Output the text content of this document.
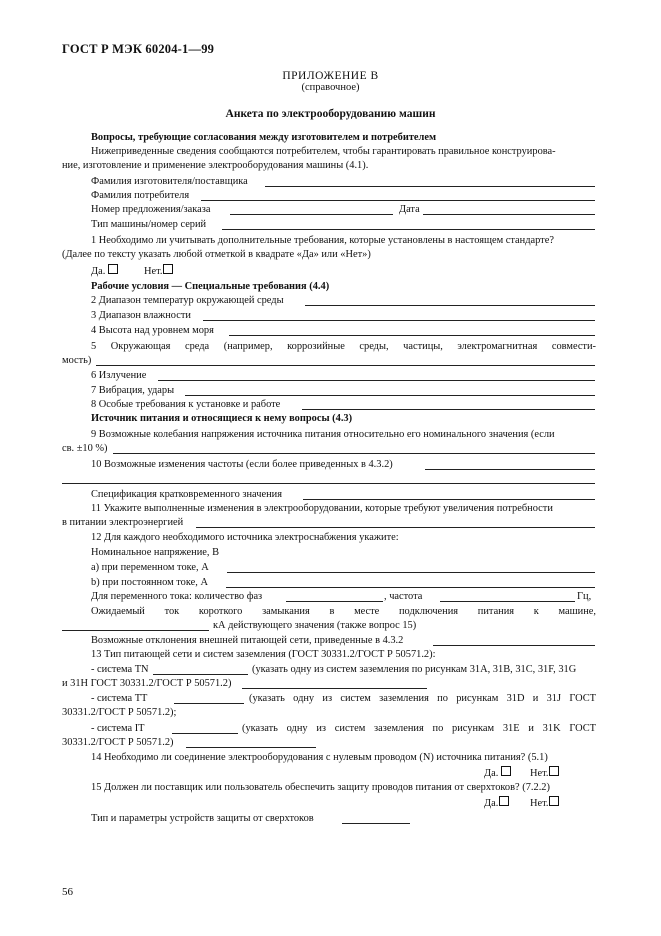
ГОСТ Р МЭК 60204-1—99
ПРИЛОЖЕНИЕ В
(справочное)
Анкета по электрооборудованию машин
Вопросы, требующие согласования между изготовителем и потребителем
Нижеприведенные сведения сообщаются потребителем, чтобы гарантировать правильное конструирова-
ние, изготовление и применение электрооборудования машины (4.1).
Фамилия изготовителя/поставщика
Фамилия потребителя
Номер предложения/заказа	Дата
Тип машины/номер серий
1 Необходимо ли учитывать дополнительные требования, которые установлены в настоящем стандарте?
(Далее по тексту указать любой отметкой в квадрате «Да» или «Нет»)
Да.	Нет.
Рабочие условия — Специальные требования (4.4)
2 Диапазон температур окружающей среды
3 Диапазон влажности
4 Высота над уровнем моря
5 Окружающая среда (например, коррозийные среды, частицы, электромагнитная совмести-
мость)
6 Излучение
7 Вибрация, удары
8 Особые требования к установке и работе
Источник питания и относящиеся к нему вопросы (4.3)
9 Возможные колебания напряжения источника питания относительно его номинального значения (если
св. ±10 %)
10 Возможные изменения частоты (если более приведенных в 4.3.2)
Спецификация кратковременного значения
11 Укажите выполненные изменения в электрооборудовании, которые требуют увеличения потребности
в питании электроэнергией
12 Для каждого необходимого источника электроснабжения укажите:
Номинальное напряжение, В
a) при переменном токе, А
b) при постоянном токе, А
Для переменного тока: количество фаз	, частота	Гц,
Ожидаемый ток короткого замыкания в месте подключения питания к машине,
кА действующего значения (также вопрос 15)
Возможные отклонения внешней питающей сети, приведенные в 4.3.2
13 Тип питающей сети и систем заземления (ГОСТ 30331.2/ГОСТ Р 50571.2):
- система TN	(указать одну из систем заземления по рисункам 31А, 31В, 31С, 31F, 31G
и 31Н ГОСТ 30331.2/ГОСТ Р 50571.2)
- система TT	(указать одну из систем заземления по рисункам 31D и 31J ГОСТ
30331.2/ГОСТ Р 50571.2);
- система IT	(указать одну из систем заземления по рисункам 31Е и 31K ГОСТ
30331.2/ГОСТ Р 50571.2)
14 Необходимо ли соединение электрооборудования с нулевым проводом (N) источника питания? (5.1)
Да.	Нет.
15 Должен ли поставщик или пользователь обеспечить защиту проводов питания от сверхтоков? (7.2.2)
Да.	Нет.
Тип и параметры устройств защиты от сверхтоков
56
